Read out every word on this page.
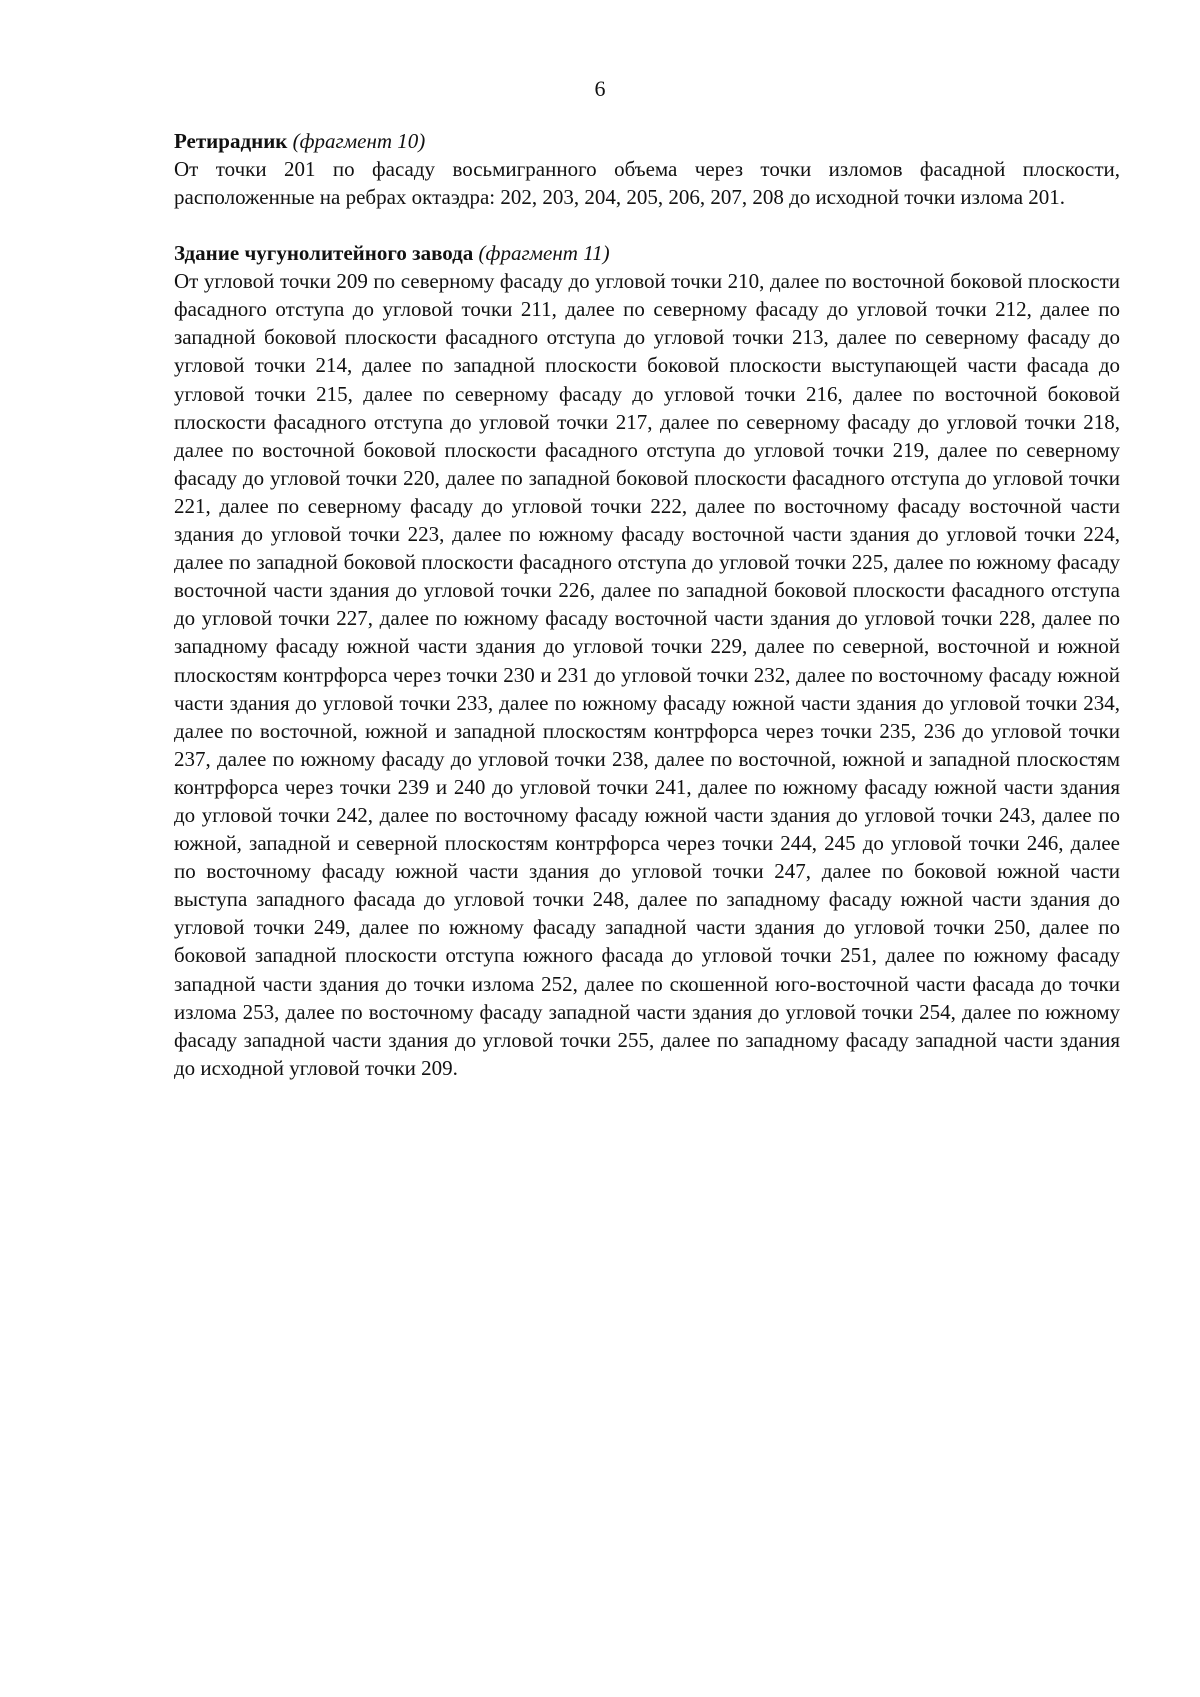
6

Ретирадник (фрагмент 10)

От точки 201 по фасаду восьмигранного объема через точки изломов фасадной плоскости, расположенные на ребрах октаэдра: 202, 203, 204, 205, 206, 207, 208 до исходной точки излома 201.

Здание чугунолитейного завода (фрагмент 11)

От угловой точки 209 по северному фасаду до угловой точки 210, далее по восточной боковой плоскости фасадного отступа до угловой точки 211, далее по северному фасаду до угловой точки 212, далее по западной боковой плоскости фасадного отступа до угловой точки 213, далее по северному фасаду до угловой точки 214, далее по западной плоскости боковой плоскости выступающей части фасада до угловой точки 215, далее по северному фасаду до угловой точки 216, далее по восточной боковой плоскости фасадного отступа до угловой точки 217, далее по северному фасаду до угловой точки 218, далее по восточной боковой плоскости фасадного отступа до угловой точки 219, далее по северному фасаду до угловой точки 220, далее по западной боковой плоскости фасадного отступа до угловой точки 221, далее по северному фасаду до угловой точки 222, далее по восточному фасаду восточной части здания до угловой точки 223, далее по южному фасаду восточной части здания до угловой точки 224, далее по западной боковой плоскости фасадного отступа до угловой точки 225, далее по южному фасаду восточной части здания до угловой точки 226, далее по западной боковой плоскости фасадного отступа до угловой точки 227, далее по южному фасаду восточной части здания до угловой точки 228, далее по западному фасаду южной части здания до угловой точки 229, далее по северной, восточной и южной плоскостям контрфорса через точки 230 и 231 до угловой точки 232, далее по восточному фасаду южной части здания до угловой точки 233, далее по южному фасаду южной части здания до угловой точки 234, далее по восточной, южной и западной плоскостям контрфорса через точки 235, 236 до угловой точки 237, далее по южному фасаду до угловой точки 238, далее по восточной, южной и западной плоскостям контрфорса через точки 239 и 240 до угловой точки 241, далее по южному фасаду южной части здания до угловой точки 242, далее по восточному фасаду южной части здания до угловой точки 243, далее по южной, западной и северной плоскостям контрфорса через точки 244, 245 до угловой точки 246, далее по восточному фасаду южной части здания до угловой точки 247, далее по боковой южной части выступа западного фасада до угловой точки 248, далее по западному фасаду южной части здания до угловой точки 249, далее по южному фасаду западной части здания до угловой точки 250, далее по боковой западной плоскости отступа южного фасада до угловой точки 251, далее по южному фасаду западной части здания до точки излома 252, далее по скошенной юго-восточной части фасада до точки излома 253, далее по восточному фасаду западной части здания до угловой точки 254, далее по южному фасаду западной части здания до угловой точки 255, далее по западному фасаду западной части здания до исходной угловой точки 209.
